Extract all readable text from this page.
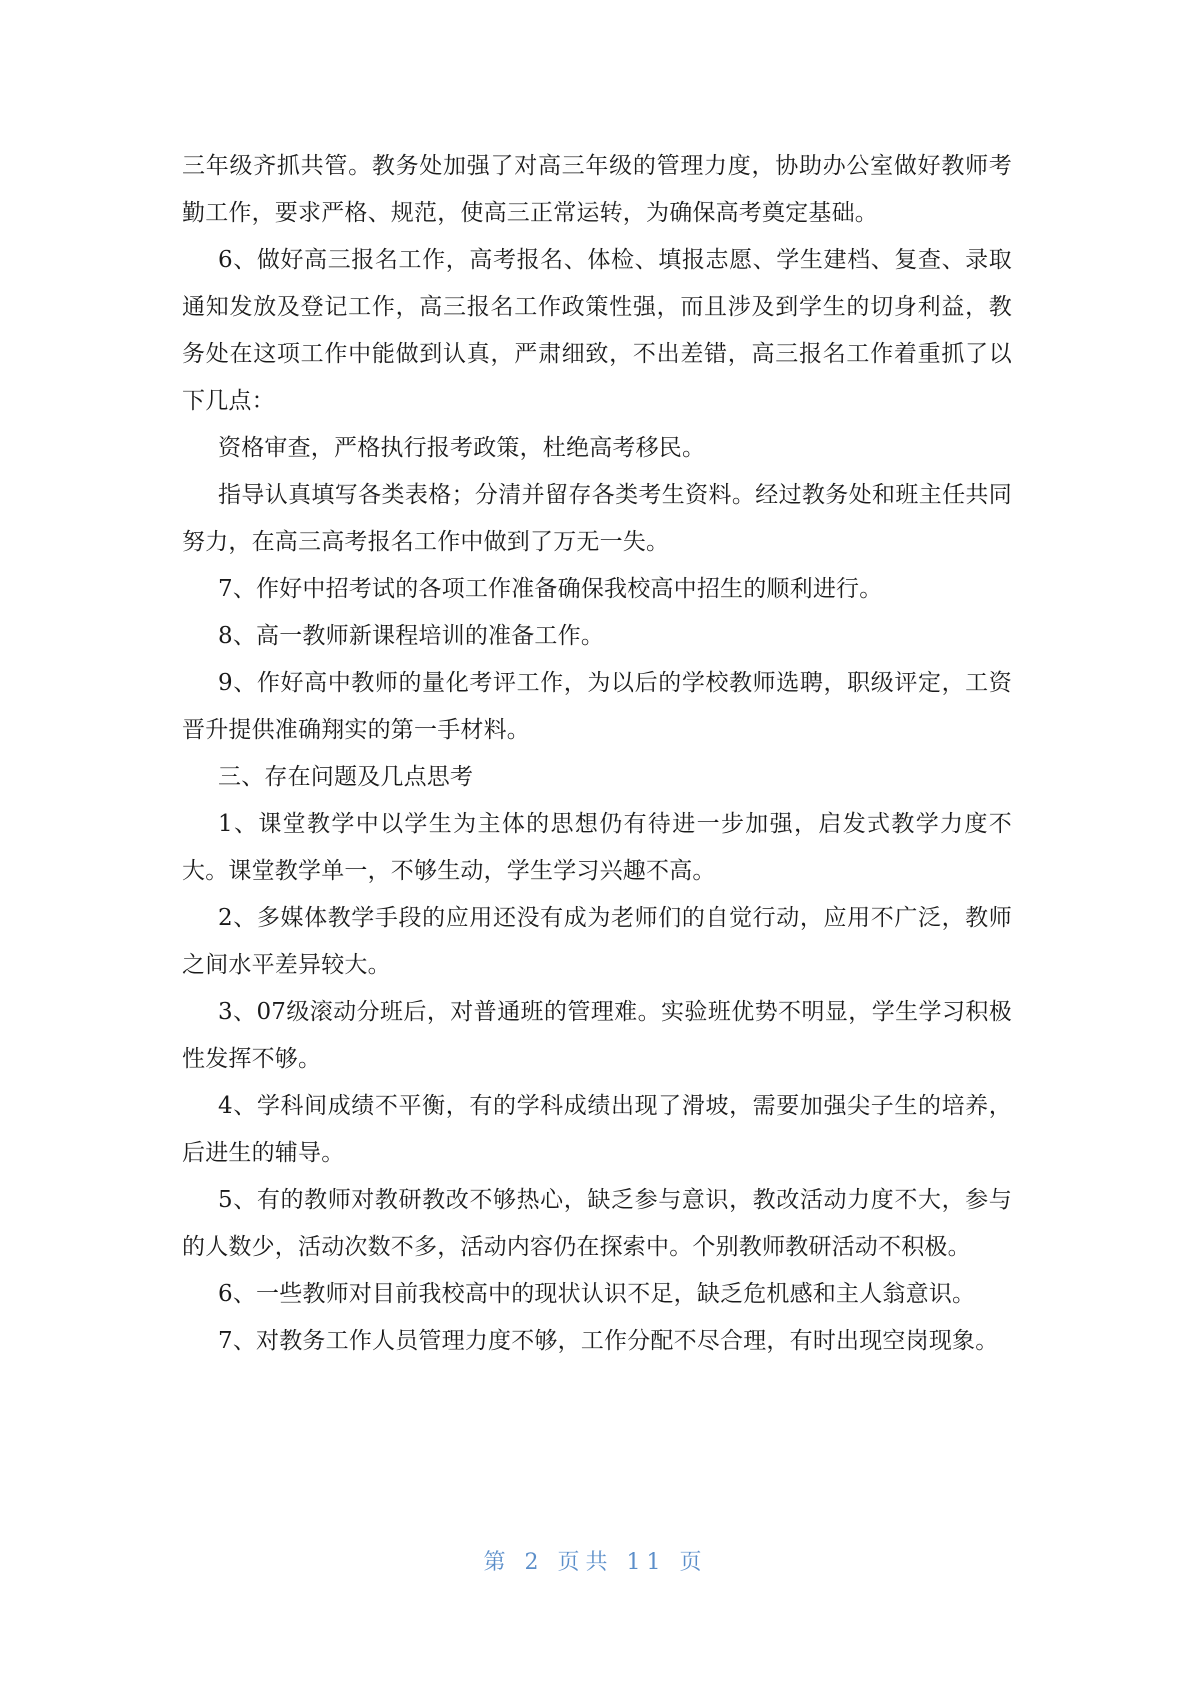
三年级齐抓共管。教务处加强了对高三年级的管理力度，协助办公室做好教师考勤工作，要求严格、规范，使高三正常运转，为确保高考奠定基础。

6、做好高三报名工作，高考报名、体检、填报志愿、学生建档、复查、录取通知发放及登记工作，高三报名工作政策性强，而且涉及到学生的切身利益，教务处在这项工作中能做到认真，严肃细致，不出差错，高三报名工作着重抓了以下几点：

资格审查，严格执行报考政策，杜绝高考移民。

指导认真填写各类表格；分清并留存各类考生资料。经过教务处和班主任共同努力，在高三高考报名工作中做到了万无一失。

7、作好中招考试的各项工作准备确保我校高中招生的顺利进行。

8、高一教师新课程培训的准备工作。

9、作好高中教师的量化考评工作，为以后的学校教师选聘，职级评定，工资晋升提供准确翔实的第一手材料。

三、存在问题及几点思考

1、课堂教学中以学生为主体的思想仍有待进一步加强，启发式教学力度不大。课堂教学单一，不够生动，学生学习兴趣不高。

2、多媒体教学手段的应用还没有成为老师们的自觉行动，应用不广泛，教师之间水平差异较大。

3、07级滚动分班后，对普通班的管理难。实验班优势不明显，学生学习积极性发挥不够。

4、学科间成绩不平衡，有的学科成绩出现了滑坡，需要加强尖子生的培养，后进生的辅导。

5、有的教师对教研教改不够热心，缺乏参与意识，教改活动力度不大，参与的人数少，活动次数不多，活动内容仍在探索中。个别教师教研活动不积极。

6、一些教师对目前我校高中的现状认识不足，缺乏危机感和主人翁意识。

7、对教务工作人员管理力度不够，工作分配不尽合理，有时出现空岗现象。

第 2 页共 11 页
